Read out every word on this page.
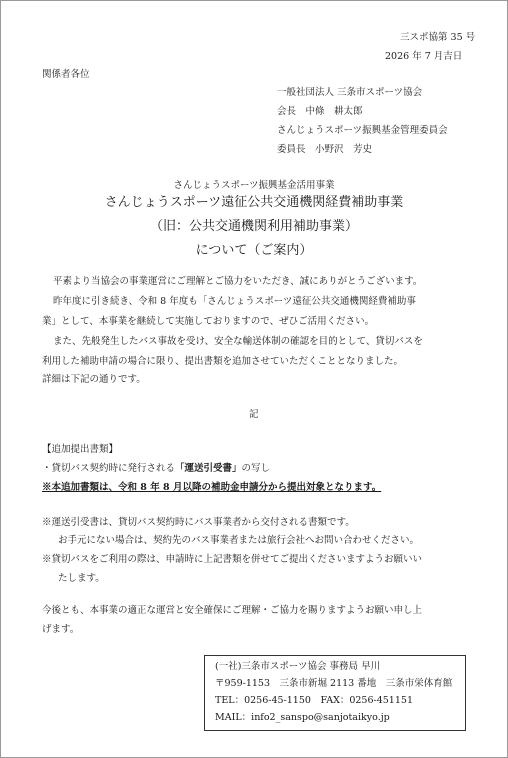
三スポ協第 35 号
2026 年 7 月吉日
関係者各位
一般社団法人 三条市スポーツ協会
会長　中條　耕太郎
さんじょうスポーツ振興基金管理委員会
委員長　小野沢　芳史
さんじょうスポーツ振興基金活用事業
さんじょうスポーツ遠征公共交通機関経費補助事業
（旧：公共交通機関利用補助事業）
について（ご案内）
平素より当協会の事業運営にご理解とご協力をいただき、誠にありがとうございます。
昨年度に引き続き、令和 8 年度も「さんじょうスポーツ遠征公共交通機関経費補助事
業」として、本事業を継続して実施しておりますので、ぜひご活用ください。
また、先般発生したバス事故を受け、安全な輸送体制の確認を目的として、貸切バスを
利用した補助申請の場合に限り、提出書類を追加させていただくこととなりました。
詳細は下記の通りです。
記
【追加提出書類】
・貸切バス契約時に発行される「運送引受書」の写し
※本追加書類は、令和 8 年 8 月以降の補助金申請分から提出対象となります。
※運送引受書は、貸切バス契約時にバス事業者から交付される書類です。
お手元にない場合は、契約先のバス事業者または旅行会社へお問い合わせください。
※貸切バスをご利用の際は、申請時に上記書類を併せてご提出くださいますようお願いい
たします。
今後とも、本事業の適正な運営と安全確保にご理解・ご協力を賜りますようお願い申し上
げます。
(一社)三条市スポーツ協会 事務局 早川
〒959-1153　三条市新堀 2113 番地　三条市栄体育館
TEL：0256-45-1150　FAX：0256-451151
MAIL：info2_sanspo@sanjotaikyo.jp
